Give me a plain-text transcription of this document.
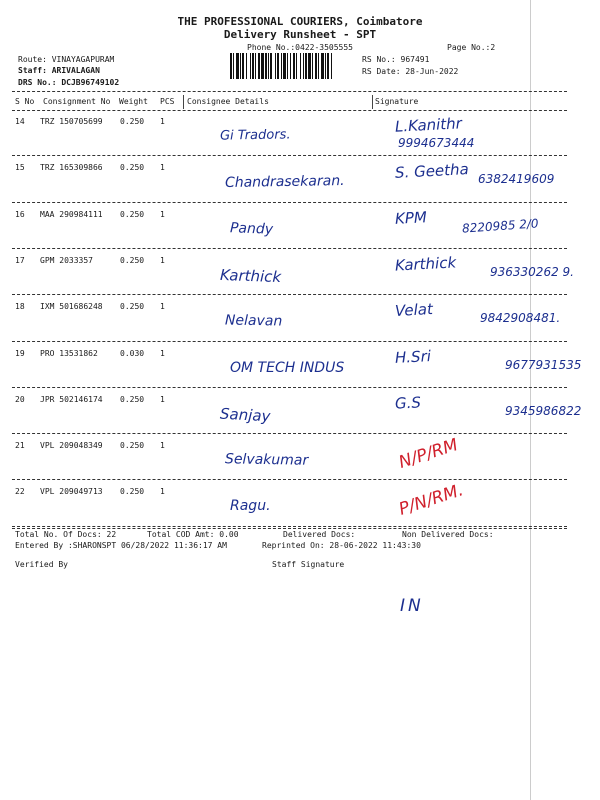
THE PROFESSIONAL COURIERS, Coimbatore
Delivery Runsheet - SPT
Phone No.:0422-3505555	Page No.:2
Route: VINAYAGAPURAM
Staff: ARIVALAGAN
DRS No.: DCJB96749102
RS No.: 967491
RS Date: 28-Jun-2022
S No Consignment No Weight PCS Consignee Details	Signature
14 TRZ 150705699 0.250 1
Gi Tradors.	L.Kanithr
9994673444
15 TRZ 165309866 0.250 1
Chandrasekaran.
S. Geetha 6382419609
16 MAA 290984111 0.250 1
Pandy
KPM	8220985 2/0
17 GPM 2033357	0.250 1
Karthick
Karthick	936330262 9.
18 IXM 501686248 0.250 1
Nelavan
Velat	9842908481.
19 PRO 13531862	0.030 1
OM TECH INDUS
H.Sri	9677931535
20 JPR 502146174 0.250 1
Sanjay
G.S	9345986822
21 VPL 209048349 0.250 1
Selvakumar	N/P/RM
22 VPL 209049713 0.250 1
Ragu.	P/N/RM.
Total No. Of Docs: 22	Total COD Amt: 0.00	Delivered Docs:	Non Delivered Docs:
Entered By :SHARONSPT 06/28/2022 11:36:17 AM	Reprinted On: 28-06-2022 11:43:30
Verified By	Staff Signature
IN
